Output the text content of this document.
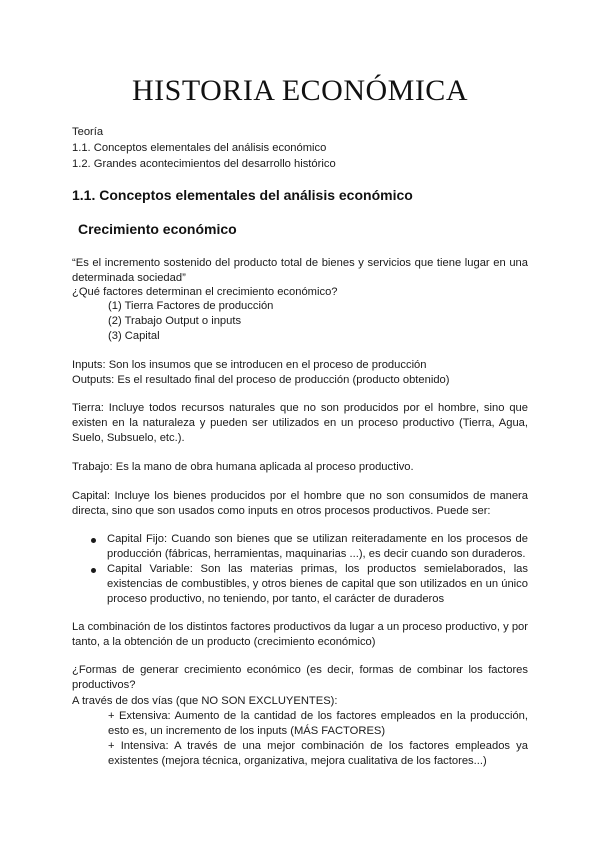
HISTORIA ECONÓMICA
Teoría
1.1. Conceptos elementales del análisis económico
1.2. Grandes acontecimientos del desarrollo histórico
1.1. Conceptos elementales del análisis económico
Crecimiento económico
“Es el incremento sostenido del producto total de bienes y servicios que tiene lugar en una determinada sociedad”
¿Qué factores determinan el crecimiento económico?
(1) Tierra Factores de producción
(2) Trabajo Output o inputs
(3) Capital
Inputs: Son los insumos que se introducen en el proceso de producción
Outputs: Es el resultado final del proceso de producción (producto obtenido)
Tierra: Incluye todos recursos naturales que no son producidos por el hombre, sino que existen en la naturaleza y pueden ser utilizados en un proceso productivo (Tierra, Agua, Suelo, Subsuelo, etc.).
Trabajo: Es la mano de obra humana aplicada al proceso productivo.
Capital: Incluye los bienes producidos por el hombre que no son consumidos de manera directa, sino que son usados como inputs en otros procesos productivos. Puede ser:
Capital Fijo: Cuando son bienes que se utilizan reiteradamente en los procesos de producción (fábricas, herramientas, maquinarias ...), es decir cuando son duraderos.
Capital Variable: Son las materias primas, los productos semielaborados, las existencias de combustibles, y otros bienes de capital que son utilizados en un único proceso productivo, no teniendo, por tanto, el carácter de duraderos
La combinación de los distintos factores productivos da lugar a un proceso productivo, y por tanto, a la obtención de un producto (crecimiento económico)
¿Formas de generar crecimiento económico (es decir, formas de combinar los factores productivos?
A través de dos vías (que NO SON EXCLUYENTES):
+ Extensiva: Aumento de la cantidad de los factores empleados en la producción, esto es, un incremento de los inputs (MÁS FACTORES)
+ Intensiva: A través de una mejor combinación de los factores empleados ya existentes (mejora técnica, organizativa, mejora cualitativa de los factores...)
